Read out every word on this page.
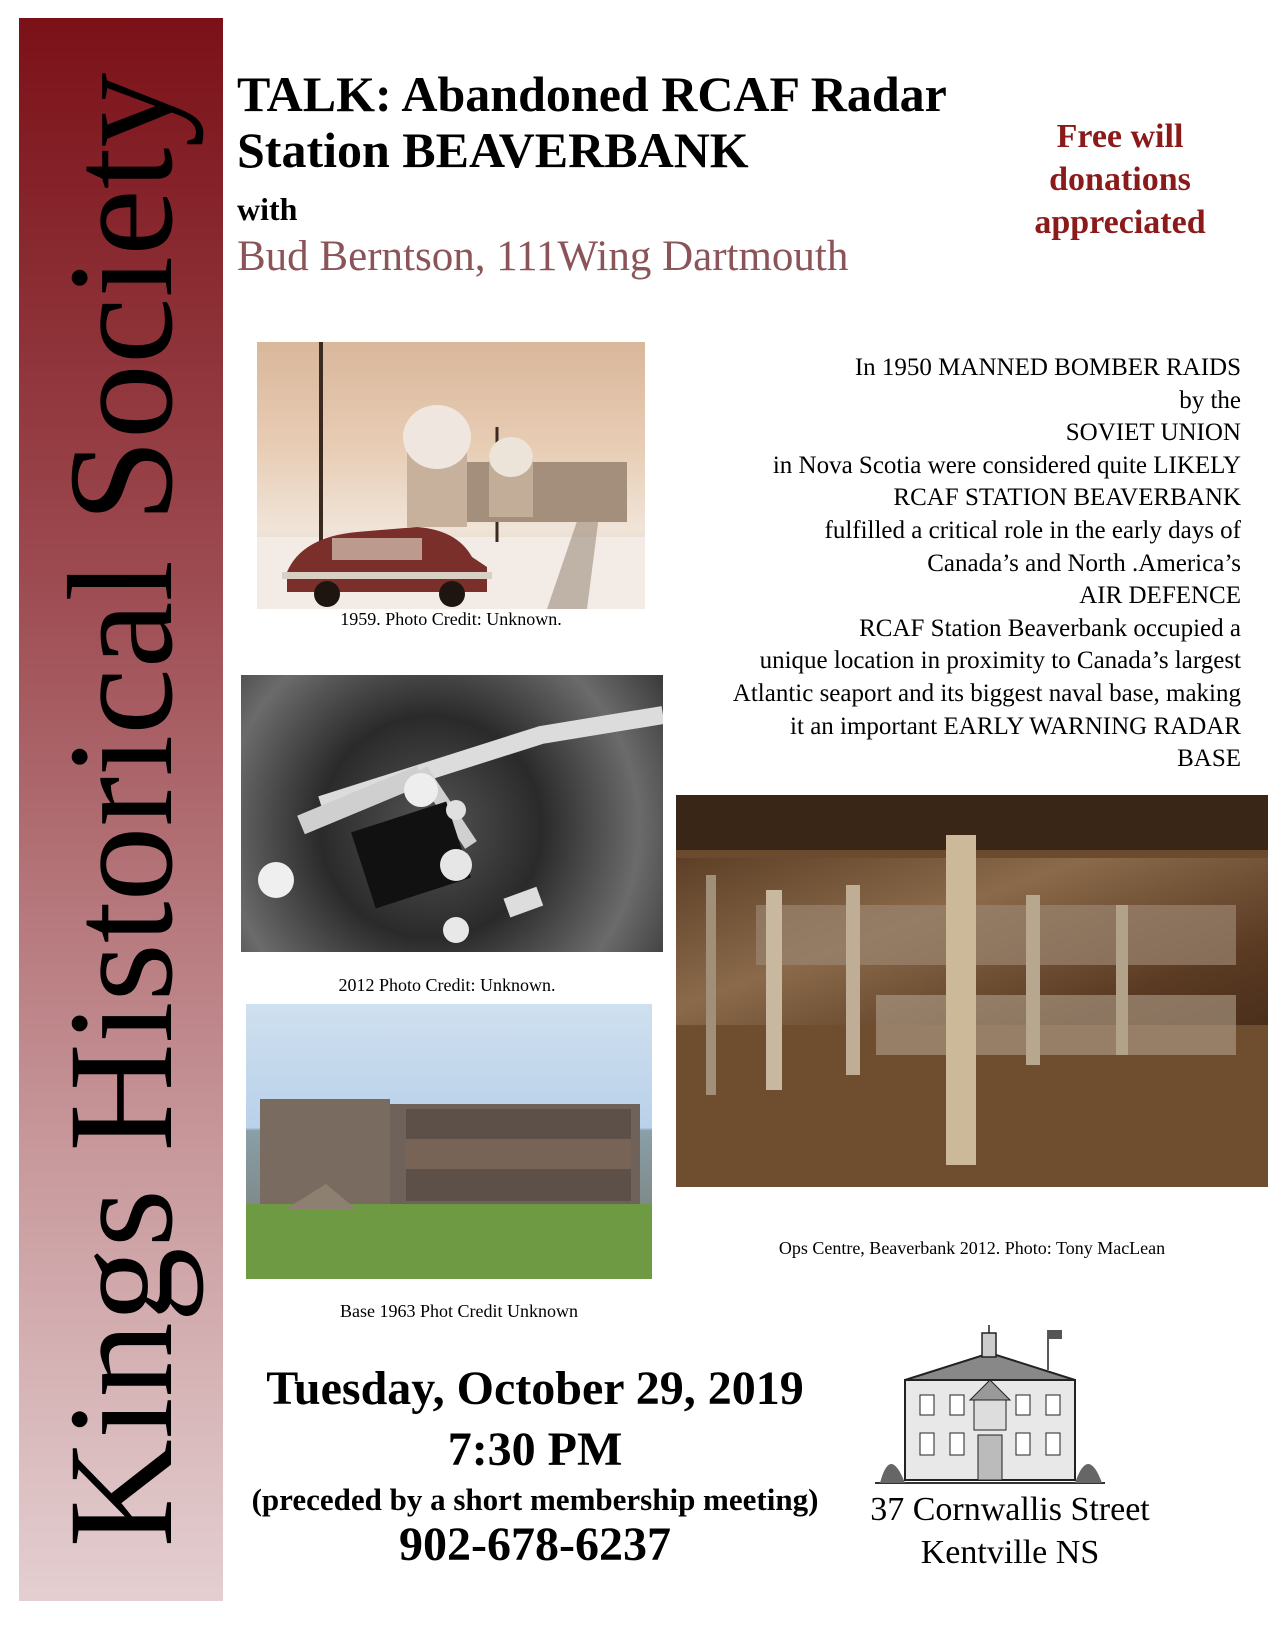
Kings Historical Society TALK: Abandoned RCAF Radar
Station BEAVERBANK
with
Bud Berntson, 111Wing Dartmouth
Free will
donations
appreciated
In 1950 MANNED BOMBER RAIDS
by the
SOVIET UNION
in Nova Scotia were considered quite LIKELY
RCAF STATION BEAVERBANK
fulfilled a critical role in the early days of
Canada’s and North .America’s
AIR DEFENCE
RCAF Station Beaverbank occupied a
unique location in proximity to Canada’s largest
Atlantic seaport and its biggest naval base, making
it an important EARLY WARNING RADAR
BASE
1959. Photo Credit: Unknown.
2012 Photo Credit: Unknown.
Base 1963 Phot Credit Unknown
Ops Centre, Beaverbank 2012. Photo: Tony MacLean
Tuesday, October 29, 2019
7:30 PM
(preceded by a short membership meeting)
902-678-6237
37 Cornwallis Street
Kentville NS
